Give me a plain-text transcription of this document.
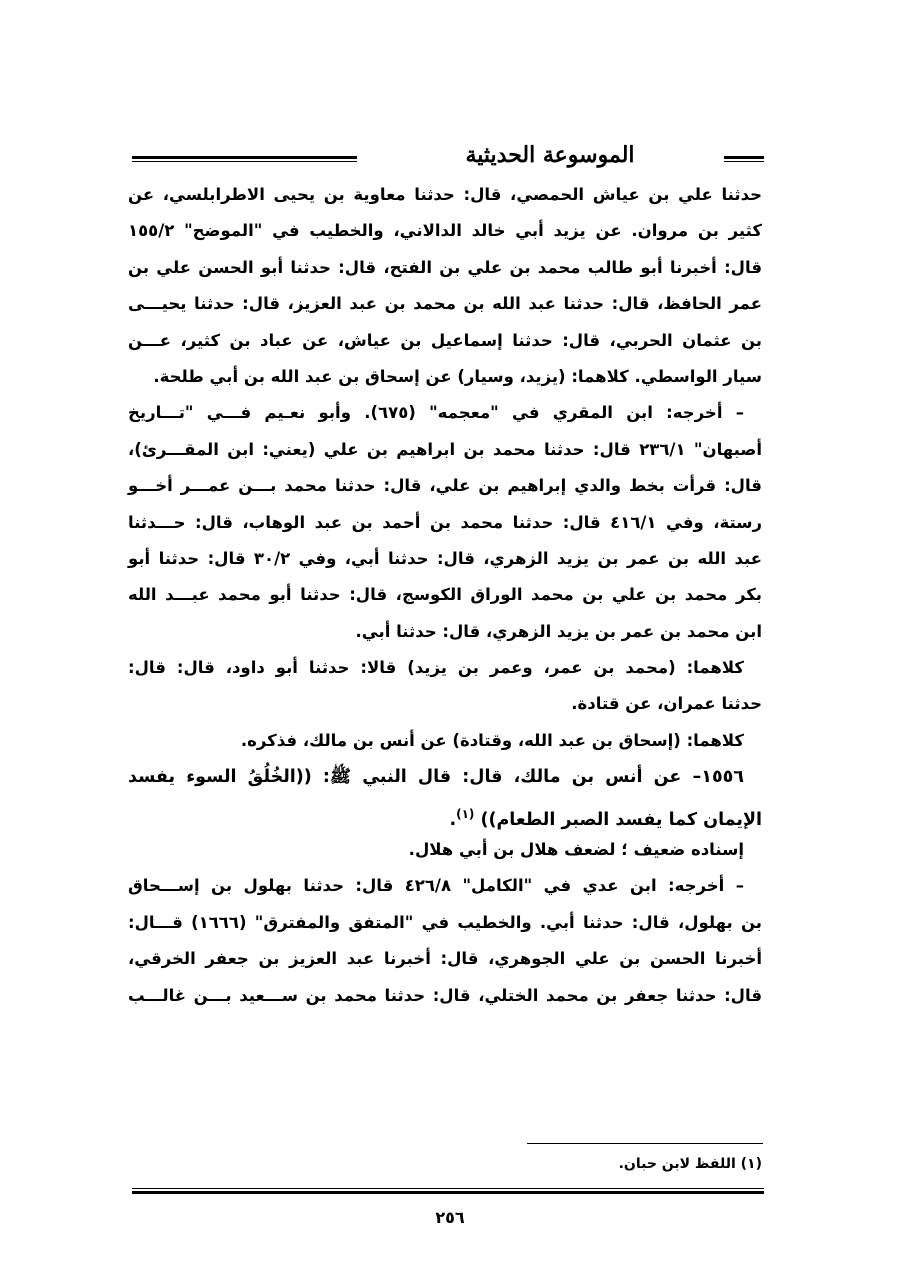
الموسوعة الحديثية
حدثنا علي بن عياش الحمصي، قال: حدثنا معاوية بن يحيى الاطرابلسي، عن
كثير بن مروان. عن يزيد أبي خالد الدالاني، والخطيب في "الموضح" ١٥٥/٢
قال: أخبرنا أبو طالب محمد بن علي بن الفتح، قال: حدثنا أبو الحسن علي بن
عمر الحافظ، قال: حدثنا عبد الله بن محمد بن عبد العزيز، قال: حدثنا يحيـــى
بن عثمان الحربي، قال: حدثنا إسماعيل بن عياش، عن عباد بن كثير، عـــن
سيار الواسطي. كلاهما: (يزيد، وسيار) عن إسحاق بن عبد الله بن أبي طلحة.
– أخرجه: ابن المقري في "معجمه" (٦٧٥). وأبو نعـيم فـــي "تـــاريخ
أصبهان" ٢٣٦/١ قال: حدثنا محمد بن ابراهيم بن علي (يعني: ابن المقـــرئ)،
قال: قرأت بخط والدي إبراهيم بن علي، قال: حدثنا محمد بـــن عمـــر أخـــو
رستة، وفي ٤١٦/١ قال: حدثنا محمد بن أحمد بن عبد الوهاب، قال: حـــدثنا
عبد الله بن عمر بن يزيد الزهري، قال: حدثنا أبي، وفي ٣٠/٢ قال: حدثنا أبو
بكر محمد بن علي بن محمد الوراق الكوسج، قال: حدثنا أبو محمد عبـــد الله
ابن محمد بن عمر بن يزيد الزهري، قال: حدثنا أبي.
كلاهما: (محمد بن عمر، وعمر بن يزيد) قالا: حدثنا أبو داود، قال: قال:
حدثنا عمران، عن قتادة.
كلاهما: (إسحاق بن عبد الله، وقتادة) عن أنس بن مالك، فذكره.
١٥٥٦– عن أنس بن مالك، قال: قال النبي ﷺ: ((الخُلُقُ السوء يفسد
الإيمان كما يفسد الصبر الطعام)) $^{(١)}$.
إسناده ضعيف ؛ لضعف هلال بن أبي هلال.
– أخرجه: ابن عدي في "الكامل" ٤٢٦/٨ قال: حدثنا بهلول بن إســـحاق
بن بهلول، قال: حدثنا أبي. والخطيب في "المتفق والمفترق" (١٦٦٦) قـــال:
أخبرنا الحسن بن علي الجوهري، قال: أخبرنا عبد العزيز بن جعفر الخرقي،
قال: حدثنا جعفر بن محمد الختلي، قال: حدثنا محمد بن ســـعيد بـــن غالـــب
(١) اللفظ لابن حبان.
٢٥٦
